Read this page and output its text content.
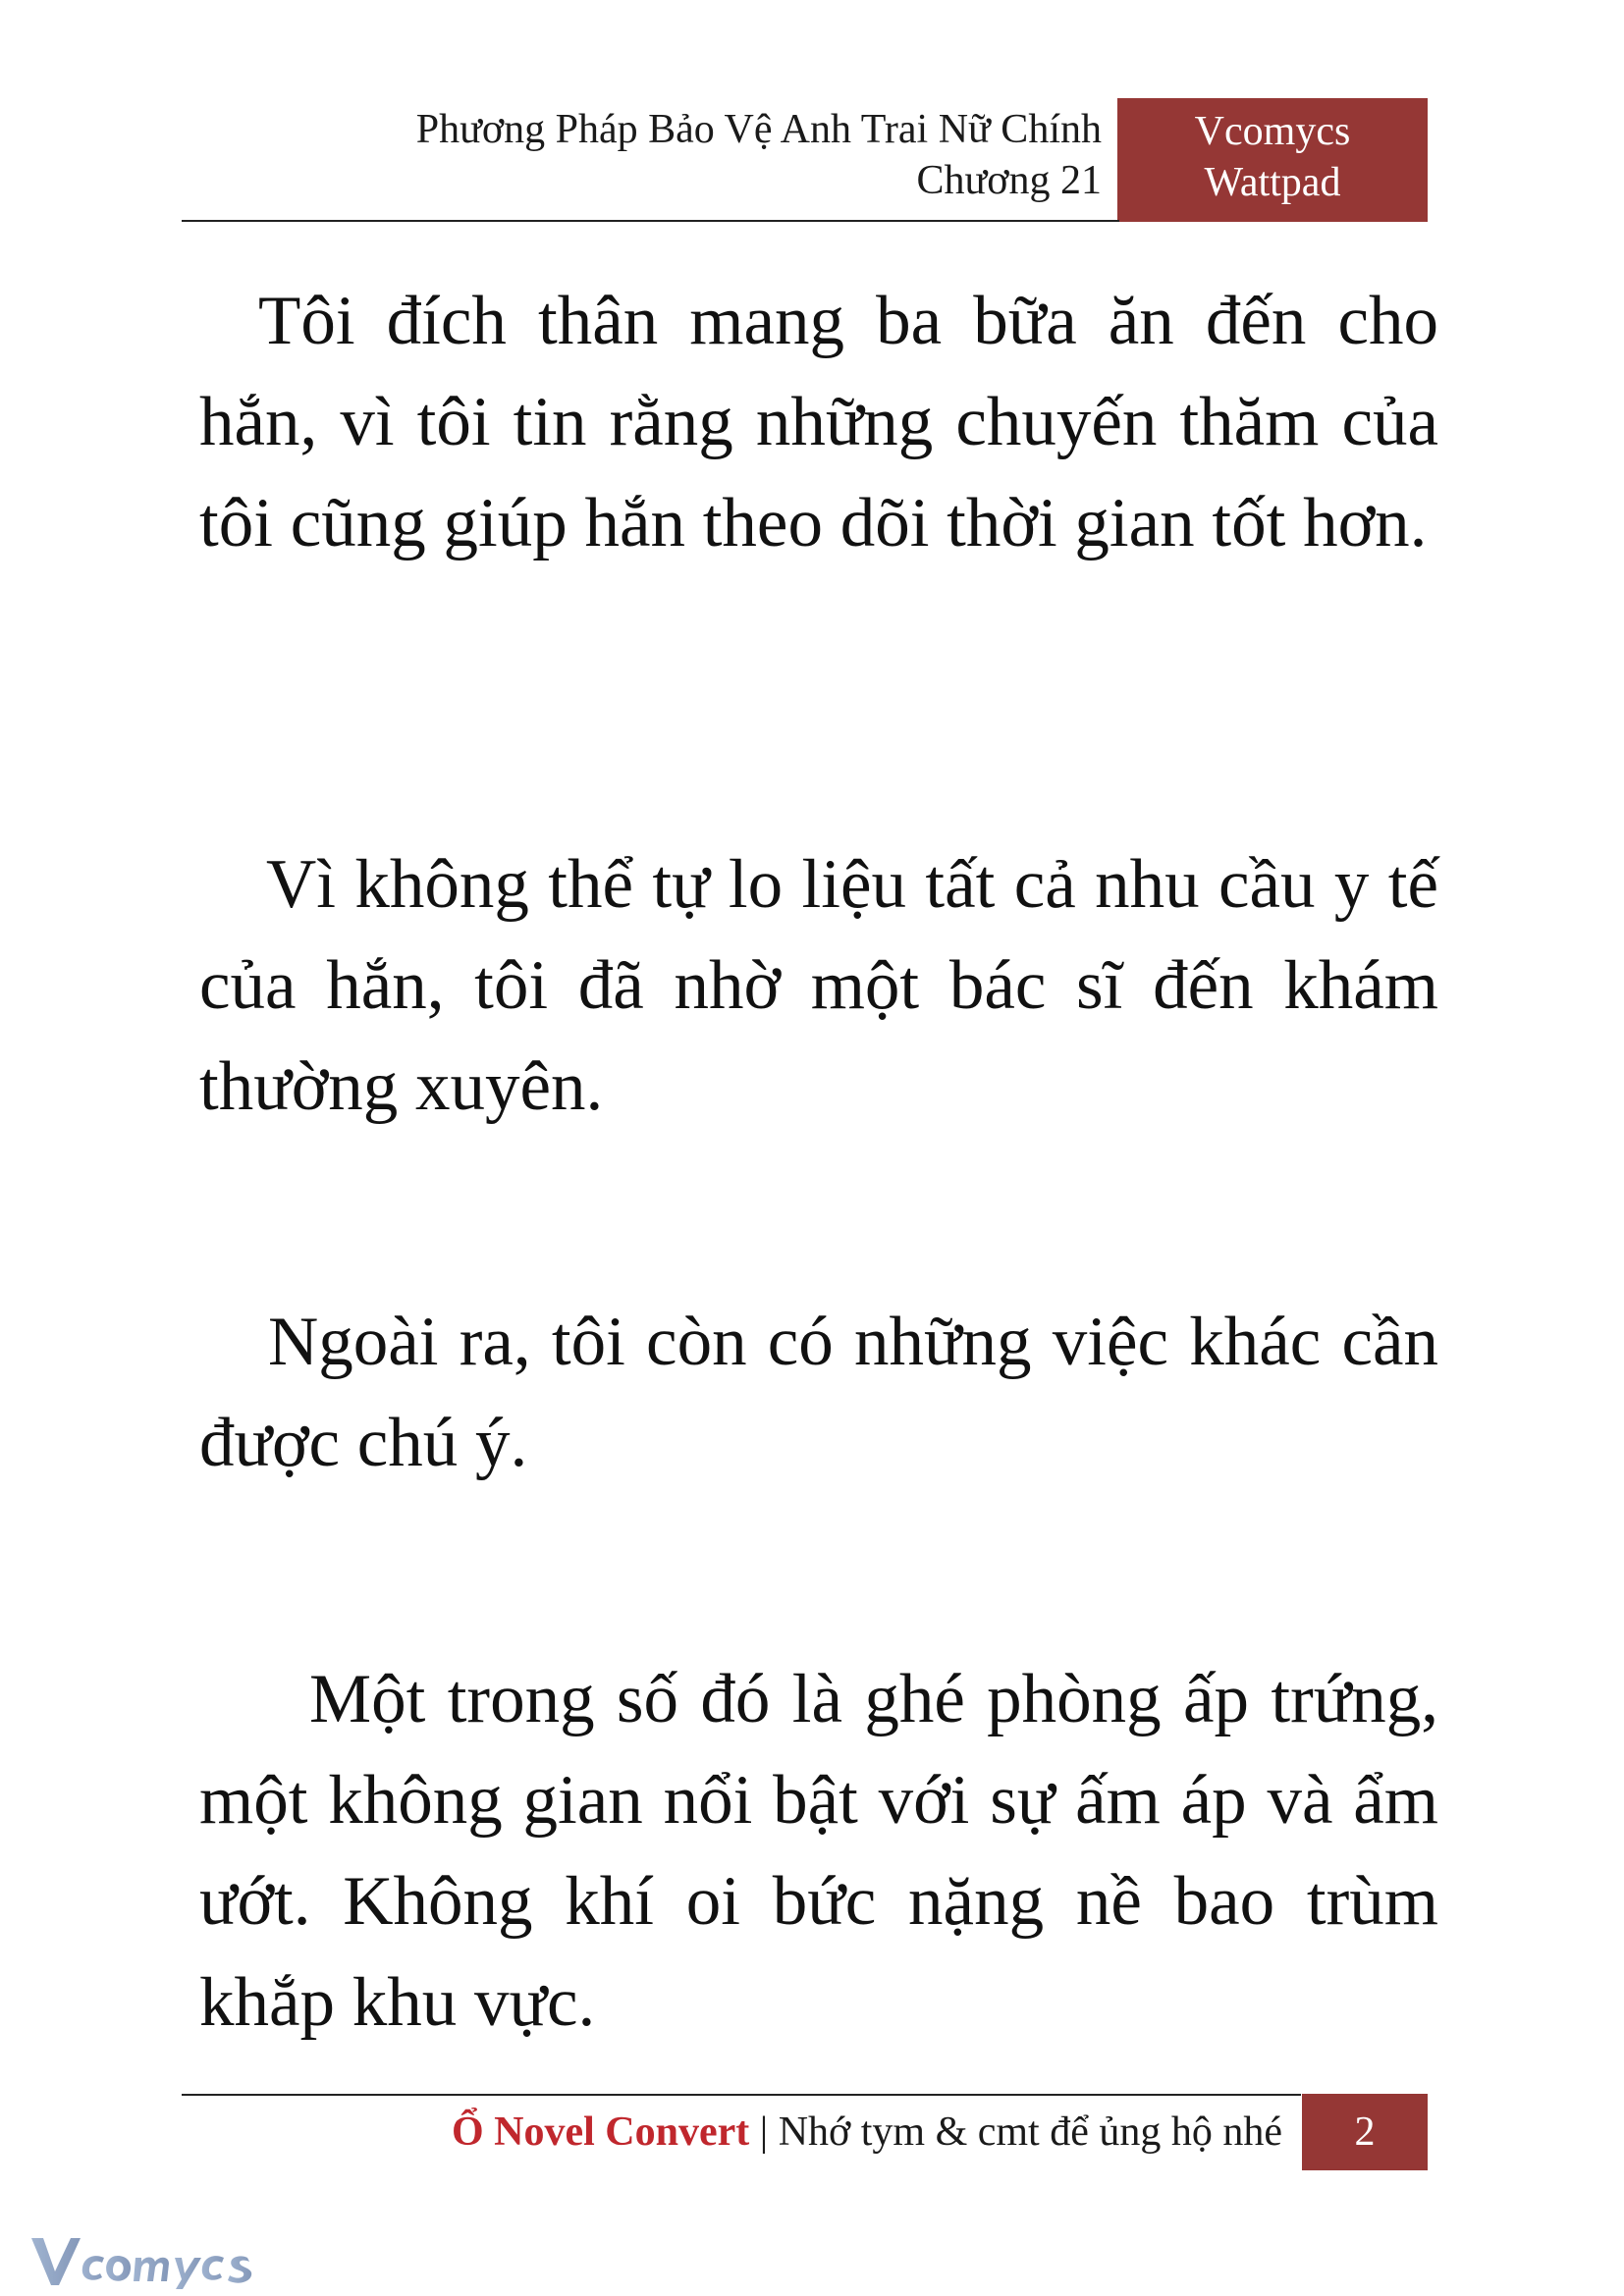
Phương Pháp Bảo Vệ Anh Trai Nữ Chính
Chương 21
Vcomycs
Wattpad

Tôi đích thân mang ba bữa ăn đến cho hắn, vì tôi tin rằng những chuyến thăm của tôi cũng giúp hắn theo dõi thời gian tốt hơn.

Vì không thể tự lo liệu tất cả nhu cầu y tế của hắn, tôi đã nhờ một bác sĩ đến khám thường xuyên.

Ngoài ra, tôi còn có những việc khác cần được chú ý.

Một trong số đó là ghé phòng ấp trứng, một không gian nổi bật với sự ấm áp và ẩm ướt. Không khí oi bức nặng nề bao trùm khắp khu vực.

Ổ Novel Convert | Nhớ tym & cmt để ủng hộ nhé	2
